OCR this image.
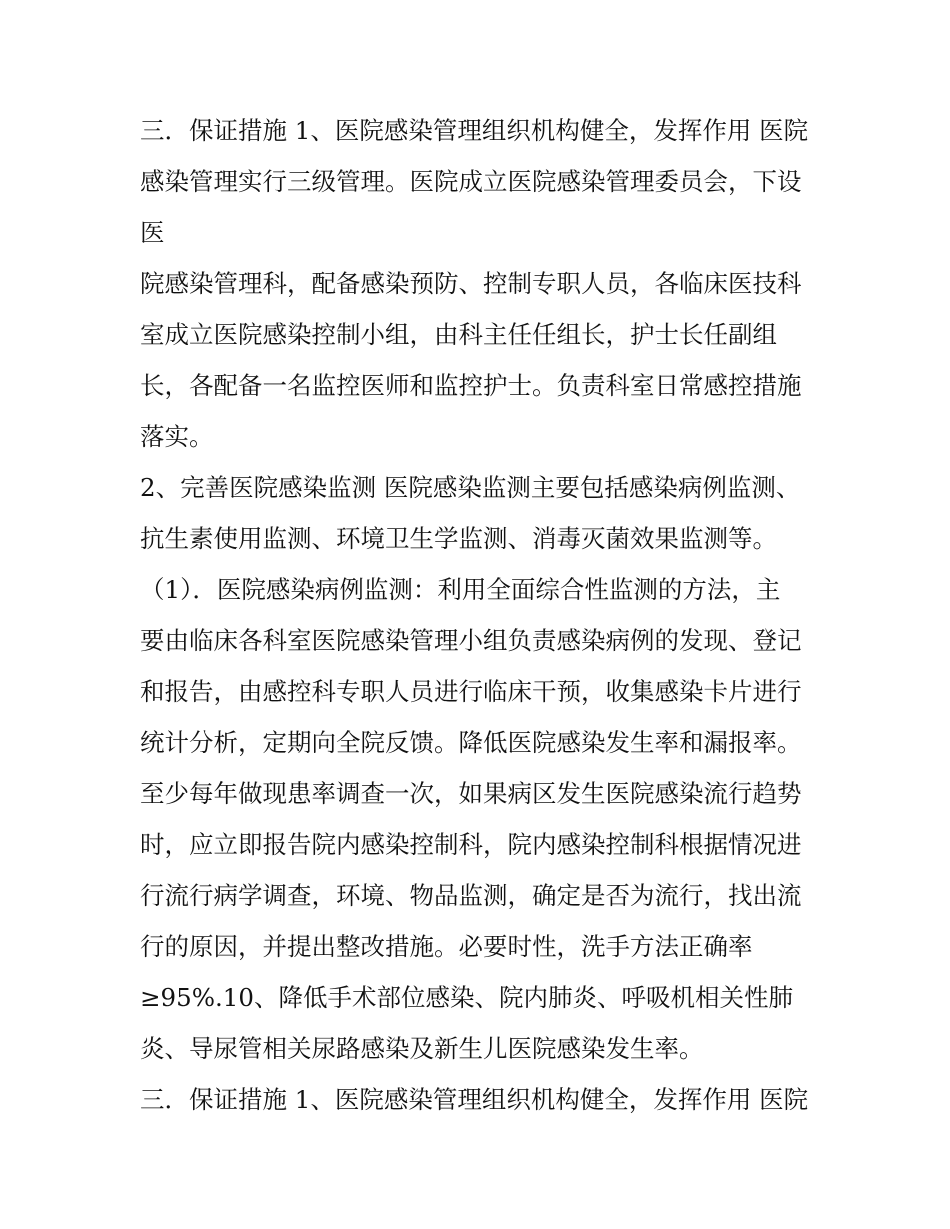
三．保证措施 1、医院感染管理组织机构健全，发挥作用 医院
感染管理实行三级管理。医院成立医院感染管理委员会，下设
医
院感染管理科，配备感染预防、控制专职人员，各临床医技科
室成立医院感染控制小组，由科主任任组长，护士长任副组
长，各配备一名监控医师和监控护士。负责科室日常感控措施
落实。
2、完善医院感染监测 医院感染监测主要包括感染病例监测、
抗生素使用监测、环境卫生学监测、消毒灭菌效果监测等。
（1）．医院感染病例监测：利用全面综合性监测的方法，主
要由临床各科室医院感染管理小组负责感染病例的发现、登记
和报告，由感控科专职人员进行临床干预，收集感染卡片进行
统计分析，定期向全院反馈。降低医院感染发生率和漏报率。
至少每年做现患率调查一次，如果病区发生医院感染流行趋势
时，应立即报告院内感染控制科，院内感染控制科根据情况进
行流行病学调查，环境、物品监测，确定是否为流行，找出流
行的原因，并提出整改措施。必要时性，洗手方法正确率
≥95%.10、降低手术部位感染、院内肺炎、呼吸机相关性肺
炎、导尿管相关尿路感染及新生儿医院感染发生率。
三．保证措施 1、医院感染管理组织机构健全，发挥作用 医院
